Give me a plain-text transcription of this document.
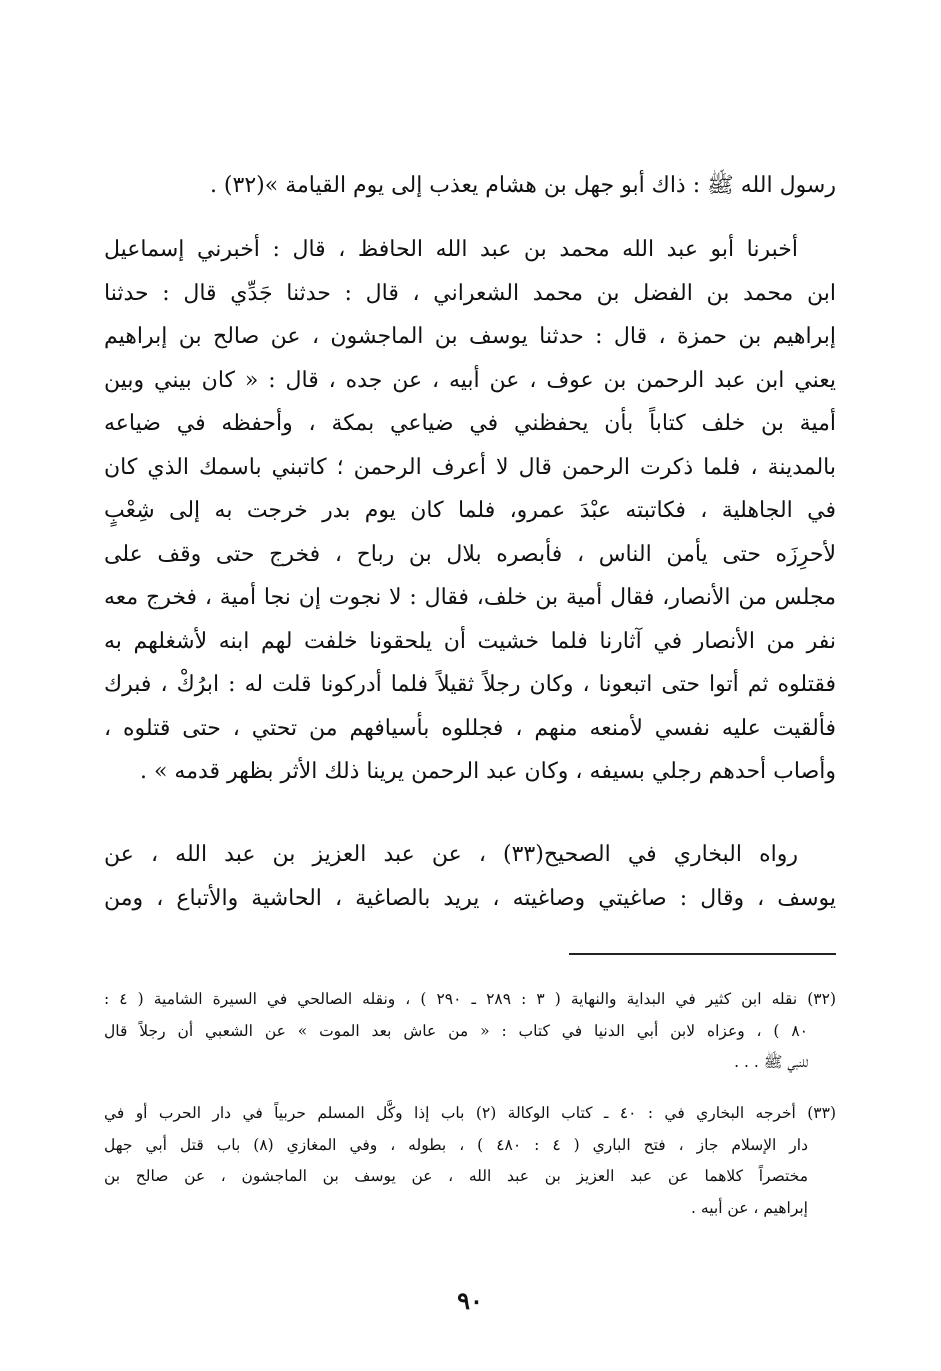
رسول الله ﷺ : ذاك أبو جهل بن هشام يعذب إلى يوم القيامة »(٣٢) .
أخبرنا أبو عبد الله محمد بن عبد الله الحافظ ، قال : أخبرني إسماعيل
ابن محمد بن الفضل بن محمد الشعراني ، قال : حدثنا جَدِّي قال : حدثنا
إبراهيم بن حمزة ، قال : حدثنا يوسف بن الماجشون ، عن صالح بن إبراهيم
يعني ابن عبد الرحمن بن عوف ، عن أبيه ، عن جده ، قال : « كان بيني وبين
أمية بن خلف كتاباً بأن يحفظني في ضياعي بمكة ، وأحفظه في ضياعه
بالمدينة ، فلما ذكرت الرحمن قال لا أعرف الرحمن ؛ كاتبني باسمك الذي كان
في الجاهلية ، فكاتبته عبْدَ عمرو، فلما كان يوم بدر خرجت به إلى شِعْبٍ
لأحرِزَه حتى يأمن الناس ، فأبصره بلال بن رباح ، فخرج حتى وقف على
مجلس من الأنصار، فقال أمية بن خلف، فقال : لا نجوت إن نجا أمية ، فخرج معه
نفر من الأنصار في آثارنا فلما خشيت أن يلحقونا خلفت لهم ابنه لأشغلهم به
فقتلوه ثم أتوا حتى اتبعونا ، وكان رجلاً ثقيلاً فلما أدركونا قلت له : ابرُكْ ، فبرك
فألقيت عليه نفسي لأمنعه منهم ، فجللوه بأسيافهم من تحتي ، حتى قتلوه ،
وأصاب أحدهم رجلي بسيفه ، وكان عبد الرحمن يرينا ذلك الأثر بظهر قدمه » .
رواه البخاري في الصحيح(٣٣) ، عن عبد العزيز بن عبد الله ، عن
يوسف ، وقال : صاغيتي وصاغيته ، يريد بالصاغية ، الحاشية والأتباع ، ومن
(٣٢) نقله ابن كثير في البداية والنهاية ( ٣ : ٢٨٩ ـ ٢٩٠ ) ، ونقله الصالحي في السيرة الشامية ( ٤ :
٨٠ ) ، وعزاه لابن أبي الدنيا في كتاب : « من عاش بعد الموت » عن الشعبي أن رجلاً قال
للنبي ﷺ . . .
(٣٣) أخرجه البخاري في : ٤٠ ـ كتاب الوكالة (٢) باب إذا وكَّل المسلم حربياً في دار الحرب أو في
دار الإسلام جاز ، فتح الباري ( ٤ : ٤٨٠ ) ، بطوله ، وفي المغازي (٨) باب قتل أبي جهل
مختصراً كلاهما عن عبد العزيز بن عبد الله ، عن يوسف بن الماجشون ، عن صالح بن
إبراهيم ، عن أبيه .
٩٠
